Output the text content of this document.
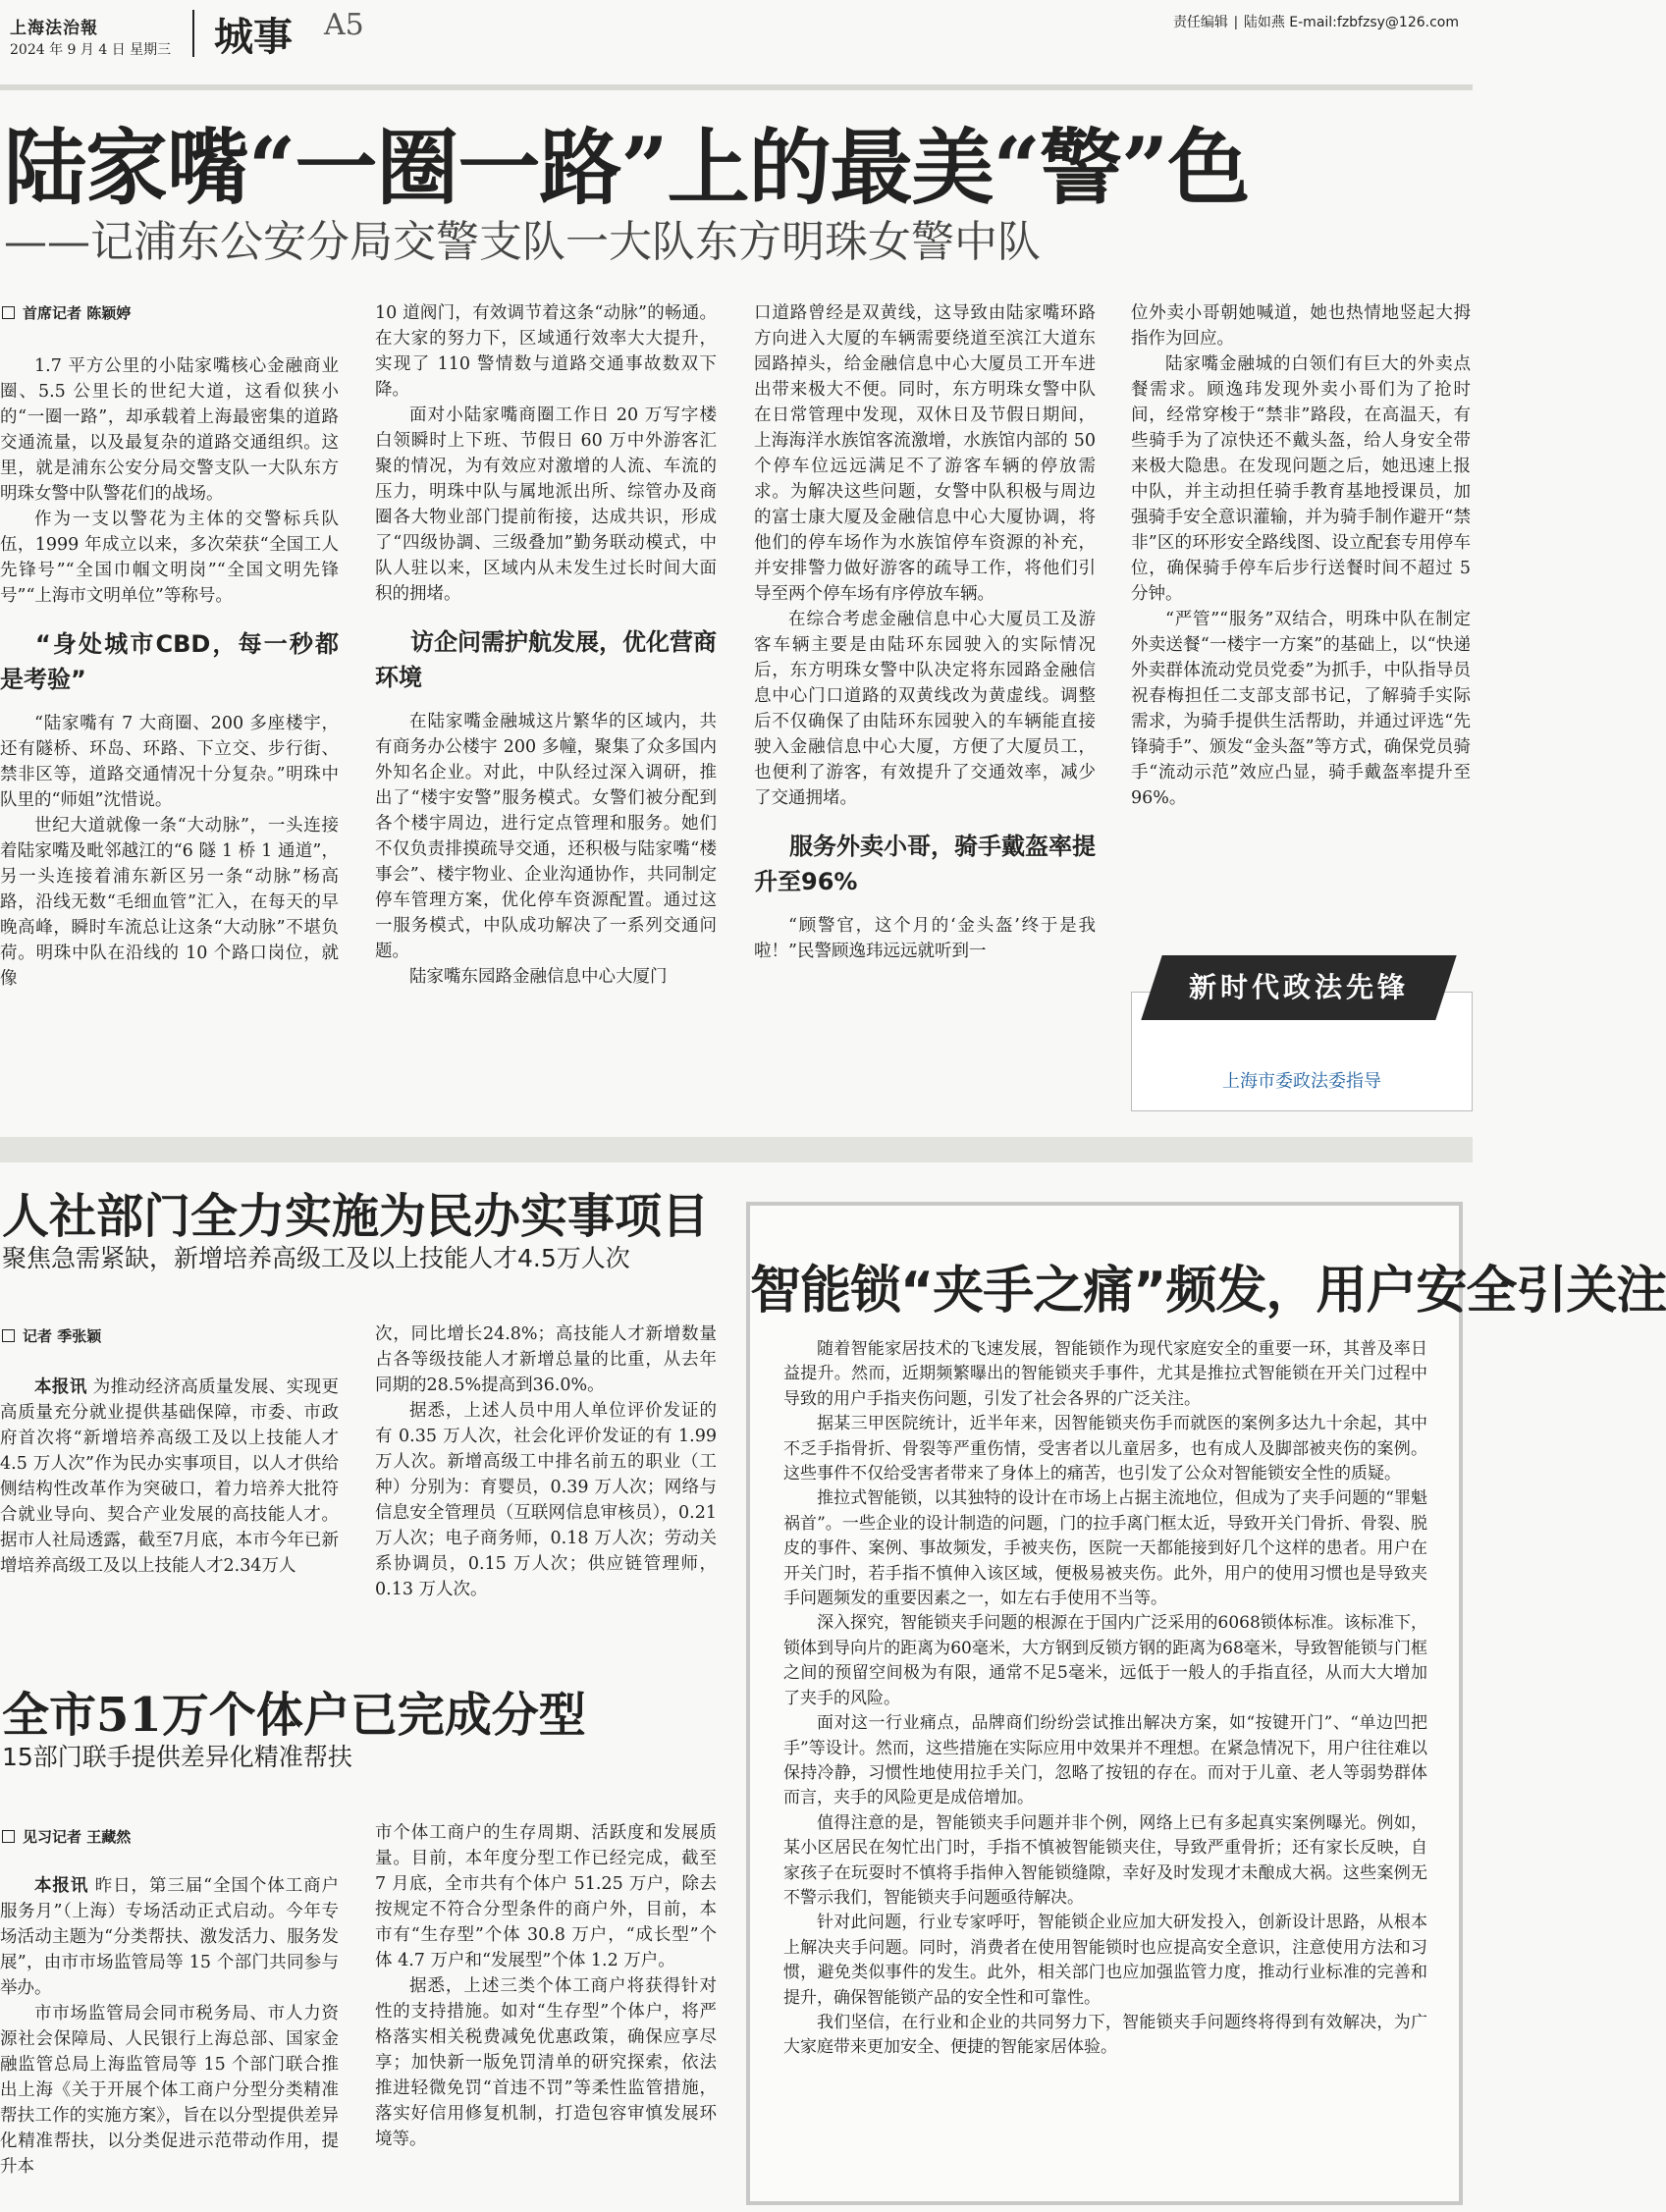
上海法治報
2024 年 9 月 4 日 星期三 城事 A5	责任编辑 ∣ 陆如燕 E-mail:fzbfzsy@126.com
陆家嘴“一圈一路”上的最美“警”色
——记浦东公安分局交警支队一大队东方明珠女警中队
首席记者 陈颖婷

1.7 平方公里的小陆家嘴核心金融商业圈、5.5 公里长的世纪大道，这看似狭小的“一圈一路”，却承载着上海最密集的道路交通流量，以及最复杂的道路交通组织。这里，就是浦东公安分局交警支队一大队东方明珠女警中队警花们的战场。

作为一支以警花为主体的交警标兵队伍，1999 年成立以来，多次荣获“全国工人先锋号”“全国巾帼文明岗”“全国文明先锋号”“上海市文明单位”等称号。

“身处城市CBD，每一秒都是考验”

“陆家嘴有 7 大商圈、200 多座楼宇，还有隧桥、环岛、环路、下立交、步行街、禁非区等，道路交通情况十分复杂。”明珠中队里的“师姐”沈惜说。

世纪大道就像一条“大动脉”，一头连接着陆家嘴及毗邻越江的“6 隧 1 桥 1 通道”，另一头连接着浦东新区另一条“动脉”杨高路，沿线无数“毛细血管”汇入，在每天的早晚高峰，瞬时车流总让这条“大动脉”不堪负荷。明珠中队在沿线的 10 个路口岗位，就像

10 道阀门，有效调节着这条“动脉”的畅通。在大家的努力下，区域通行效率大大提升，实现了 110 警情数与道路交通事故数双下降。

面对小陆家嘴商圈工作日 20 万写字楼白领瞬时上下班、节假日 60 万中外游客汇聚的情况，为有效应对激增的人流、车流的压力，明珠中队与属地派出所、综管办及商圈各大物业部门提前衔接，达成共识，形成了“四级协調、三级叠加”勤务联动模式，中队人驻以来，区域内从未发生过长时间大面积的拥堵。

访企问需护航发展，优化营商环境

在陆家嘴金融城这片繁华的区域内，共有商务办公楼宇 200 多幢，聚集了众多国内外知名企业。对此，中队经过深入调研，推出了“楼宇安警”服务模式。女警们被分配到各个楼宇周边，进行定点管理和服务。她们不仅负责排摸疏导交通，还积极与陆家嘴“楼事会”、楼宇物业、企业沟通协作，共同制定停车管理方案，优化停车资源配置。通过这一服务模式，中队成功解决了一系列交通问题。

陆家嘴东园路金融信息中心大厦门

口道路曾经是双黄线，这导致由陆家嘴环路方向进入大厦的车辆需要绕道至滨江大道东园路掉头，给金融信息中心大厦员工开车进出带来极大不便。同时，东方明珠女警中队在日常管理中发现，双休日及节假日期间，上海海洋水族馆客流激增，水族馆内部的 50 个停车位远远满足不了游客车辆的停放需求。为解决这些问题，女警中队积极与周边的富士康大厦及金融信息中心大厦协调，将他们的停车场作为水族馆停车资源的补充，并安排警力做好游客的疏导工作，将他们引导至两个停车场有序停放车辆。

在综合考虑金融信息中心大厦员工及游客车辆主要是由陆环东园驶入的实际情况后，东方明珠女警中队决定将东园路金融信息中心门口道路的双黄线改为黄虚线。调整后不仅确保了由陆环东园驶入的车辆能直接驶入金融信息中心大厦，方便了大厦员工，也便利了游客，有效提升了交通效率，减少了交通拥堵。

服务外卖小哥，骑手戴盔率提升至96%

“顾警官，这个月的‘金头盔’终于是我啦！”民警顾逸玮远远就听到一

位外卖小哥朝她喊道，她也热情地竖起大拇指作为回应。

陆家嘴金融城的白领们有巨大的外卖点餐需求。顾逸玮发现外卖小哥们为了抢时间，经常穿梭于“禁非”路段，在高温天，有些骑手为了凉快还不戴头盔，给人身安全带来极大隐患。在发现问题之后，她迅速上报中队，并主动担任骑手教育基地授课员，加强骑手安全意识灌输，并为骑手制作避开“禁非”区的环形安全路线图、设立配套专用停车位，确保骑手停车后步行送餐时间不超过 5 分钟。

“严管”“服务”双结合，明珠中队在制定外卖送餐“一楼宇一方案”的基础上，以“快递外卖群体流动党员党委”为抓手，中队指导员祝春梅担任二支部支部书记，了解骑手实际需求，为骑手提供生活帮助，并通过评选“先锋骑手”、颁发“金头盔”等方式，确保党员骑手“流动示范”效应凸显，骑手戴盔率提升至 96%。

新时代政法先锋
上海市委政法委指导
人社部门全力实施为民办实事项目
聚焦急需紧缺，新增培养高级工及以上技能人才4.5万人次
记者 季张颖

本报讯 为推动经济高质量发展、实现更高质量充分就业提供基础保障，市委、市政府首次将“新增培养高级工及以上技能人才 4.5 万人次”作为民办实事项目，以人才供给侧结构性改革作为突破口，着力培养大批符合就业导向、契合产业发展的高技能人才。据市人社局透露，截至7月底，本市今年已新增培养高级工及以上技能人才2.34万人

次，同比增长24.8%；高技能人才新增数量占各等级技能人才新增总量的比重，从去年同期的28.5%提高到36.0%。

据悉，上述人员中用人单位评价发证的有 0.35 万人次，社会化评价发证的有 1.99 万人次。新增高级工中排名前五的职业（工种）分别为：育婴员，0.39 万人次；网络与信息安全管理员（互联网信息审核员），0.21 万人次；电子商务师，0.18 万人次；劳动关系协调员，0.15 万人次；供应链管理师，0.13 万人次。

全市51万个体户已完成分型
15部门联手提供差异化精准帮扶
见习记者 王藏然

本报讯 昨日，第三届“全国个体工商户服务月”（上海）专场活动正式启动。今年专场活动主题为“分类帮扶、激发活力、服务发展”，由市市场监管局等 15 个部门共同参与举办。

市市场监管局会同市税务局、市人力资源社会保障局、人民银行上海总部、国家金融监管总局上海监管局等 15 个部门联合推出上海《关于开展个体工商户分型分类精准帮扶工作的实施方案》，旨在以分型提供差异化精准帮扶，以分类促进示范带动作用，提升本

市个体工商户的生存周期、活跃度和发展质量。目前，本年度分型工作已经完成，截至 7 月底，全市共有个体户 51.25 万户，除去按规定不符合分型条件的商户外，目前，本市有“生存型”个体 30.8 万户，“成长型”个体 4.7 万户和“发展型”个体 1.2 万户。

据悉，上述三类个体工商户将获得针对性的支持措施。如对“生存型”个体户，将严格落实相关税费减免优惠政策，确保应享尽享；加快新一版免罚清单的研究探索，依法推进轻微免罚“首违不罚”等柔性监管措施，落实好信用修复机制，打造包容审慎发展环境等。

智能锁“夹手之痛”频发，用户安全引关注

随着智能家居技术的飞速发展，智能锁作为现代家庭安全的重要一环，其普及率日益提升。然而，近期频繁曝出的智能锁夹手事件，尤其是推拉式智能锁在开关门过程中导致的用户手指夹伤问题，引发了社会各界的广泛关注。

据某三甲医院统计，近半年来，因智能锁夹伤手而就医的案例多达九十余起，其中不乏手指骨折、骨裂等严重伤情，受害者以儿童居多，也有成人及脚部被夹伤的案例。这些事件不仅给受害者带来了身体上的痛苦，也引发了公众对智能锁安全性的质疑。

推拉式智能锁，以其独特的设计在市场上占据主流地位，但成为了夹手问题的“罪魁祸首”。一些企业的设计制造的问题，门的拉手离门框太近，导致开关门骨折、骨裂、脱皮的事件、案例、事故频发，手被夹伤，医院一天都能接到好几个这样的患者。用户在开关门时，若手指不慎伸入该区域，便极易被夹伤。此外，用户的使用习惯也是导致夹手问题频发的重要因素之一，如左右手使用不当等。

深入探究，智能锁夹手问题的根源在于国内广泛采用的6068锁体标准。该标准下，锁体到导向片的距离为60毫米，大方钢到反锁方钢的距离为68毫米，导致智能锁与门框之间的预留空间极为有限，通常不足5毫米，远低于一般人的手指直径，从而大大增加了夹手的风险。

面对这一行业痛点，品牌商们纷纷尝试推出解决方案，如“按键开门”、“单边凹把手”等设计。然而，这些措施在实际应用中效果并不理想。在紧急情况下，用户往往难以保持冷静，习惯性地使用拉手关门，忽略了按钮的存在。而对于儿童、老人等弱势群体而言，夹手的风险更是成倍增加。

值得注意的是，智能锁夹手问题并非个例，网络上已有多起真实案例曝光。例如，某小区居民在匆忙出门时，手指不慎被智能锁夹住，导致严重骨折；还有家长反映，自家孩子在玩耍时不慎将手指伸入智能锁缝隙，幸好及时发现才未酿成大祸。这些案例无不警示我们，智能锁夹手问题亟待解决。

针对此问题，行业专家呼吁，智能锁企业应加大研发投入，创新设计思路，从根本上解决夹手问题。同时，消费者在使用智能锁时也应提高安全意识，注意使用方法和习惯，避免类似事件的发生。此外，相关部门也应加强监管力度，推动行业标准的完善和提升，确保智能锁产品的安全性和可靠性。

我们坚信，在行业和企业的共同努力下，智能锁夹手问题终将得到有效解决，为广大家庭带来更加安全、便捷的智能家居体验。
